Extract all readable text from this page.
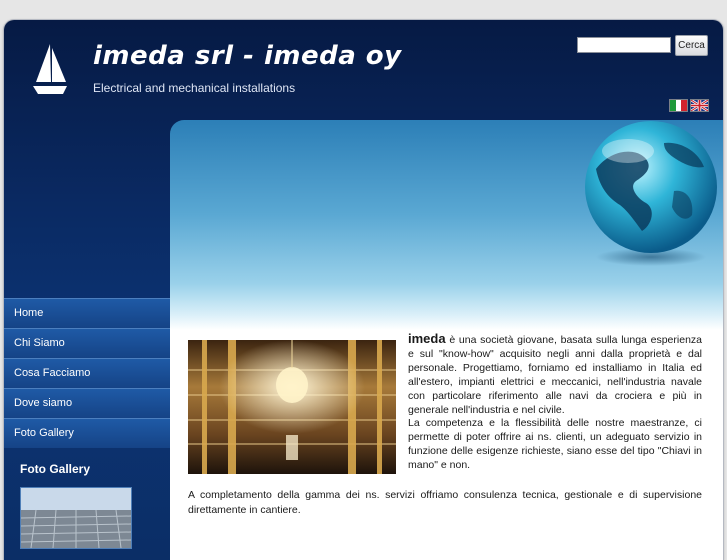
imeda srl - imeda oy
Electrical and mechanical installations
Cerca
Home
Chi Siamo
Cosa Facciamo
Dove siamo
Foto Gallery
Foto Gallery

imeda è una società giovane, basata sulla lunga esperienza e sul "know-how" acquisito negli anni dalla proprietà e dal personale. Progettiamo, forniamo ed installiamo in Italia ed all'estero, impianti elettrici e meccanici, nell'industria navale con particolare riferimento alle navi da crociera e più in generale nell'industria e nel civile.
La competenza e la flessibilità delle nostre maestranze, ci permette di poter offrire ai ns. clienti, un adeguato servizio in funzione delle esigenze richieste, siano esse del tipo "Chiavi in mano" e non.

A completamento della gamma dei ns. servizi offriamo consulenza tecnica, gestionale e di supervisione direttamente in cantiere.
